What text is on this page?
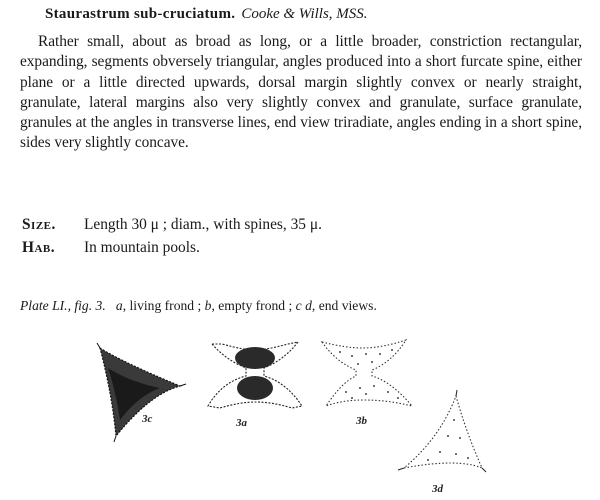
Staurastrum sub-cruciatum. Cooke & Wills, MSS.
Rather small, about as broad as long, or a little broader, constriction rectangular, expanding, segments obversely triangular, angles produced into a short furcate spine, either plane or a little directed upwards, dorsal margin slightly convex or nearly straight, granulate, lateral margins also very slightly convex and granulate, surface granulate, granules at the angles in transverse lines, end view triradiate, angles ending in a short spine, sides very slightly concave.
Size. Length 30 μ ; diam., with spines, 35 μ.
Hab. In mountain pools.
Plate LI., fig. 3. a, living frond ; b, empty frond ; c d, end views.
3c	3a	3b
3d
